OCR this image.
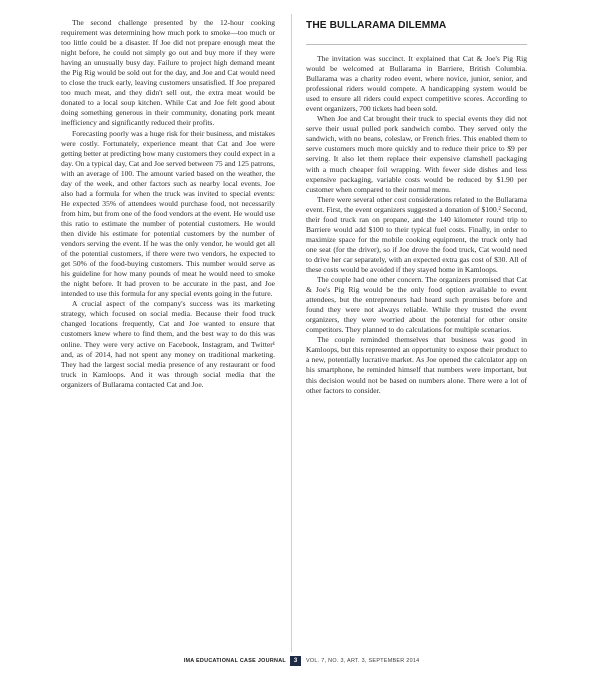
The second challenge presented by the 12-hour cooking requirement was determining how much pork to smoke—too much or too little could be a disaster. If Joe did not prepare enough meat the night before, he could not simply go out and buy more if they were having an unusually busy day. Failure to project high demand meant the Pig Rig would be sold out for the day, and Joe and Cat would need to close the truck early, leaving customers unsatisfied. If Joe prepared too much meat, and they didn't sell out, the extra meat would be donated to a local soup kitchen. While Cat and Joe felt good about doing something generous in their community, donating pork meant inefficiency and significantly reduced their profits.

Forecasting poorly was a huge risk for their business, and mistakes were costly. Fortunately, experience meant that Cat and Joe were getting better at predicting how many customers they could expect in a day. On a typical day, Cat and Joe served between 75 and 125 patrons, with an average of 100. The amount varied based on the weather, the day of the week, and other factors such as nearby local events. Joe also had a formula for when the truck was invited to special events: He expected 35% of attendees would purchase food, not necessarily from him, but from one of the food vendors at the event. He would use this ratio to estimate the number of potential customers. He would then divide his estimate for potential customers by the number of vendors serving the event. If he was the only vendor, he would get all of the potential customers, if there were two vendors, he expected to get 50% of the food-buying customers. This number would serve as his guideline for how many pounds of meat he would need to smoke the night before. It had proven to be accurate in the past, and Joe intended to use this formula for any special events going in the future.

A crucial aspect of the company's success was its marketing strategy, which focused on social media. Because their food truck changed locations frequently, Cat and Joe wanted to ensure that customers knew where to find them, and the best way to do this was online. They were very active on Facebook, Instagram, and Twitter¹ and, as of 2014, had not spent any money on traditional marketing. They had the largest social media presence of any restaurant or food truck in Kamloops. And it was through social media that the organizers of Bullarama contacted Cat and Joe.

THE BULLARAMA DILEMMA

The invitation was succinct. It explained that Cat & Joe's Pig Rig would be welcomed at Bullarama in Barriere, British Columbia. Bullarama was a charity rodeo event, where novice, junior, senior, and professional riders would compete. A handicapping system would be used to ensure all riders could expect competitive scores. According to event organizers, 700 tickets had been sold.

When Joe and Cat brought their truck to special events they did not serve their usual pulled pork sandwich combo. They served only the sandwich, with no beans, coleslaw, or French fries. This enabled them to serve customers much more quickly and to reduce their price to $9 per serving. It also let them replace their expensive clamshell packaging with a much cheaper foil wrapping. With fewer side dishes and less expensive packaging, variable costs would be reduced by $1.90 per customer when compared to their normal menu.

There were several other cost considerations related to the Bullarama event. First, the event organizers suggested a donation of $100.² Second, their food truck ran on propane, and the 140 kilometer round trip to Barriere would add $100 to their typical fuel costs. Finally, in order to maximize space for the mobile cooking equipment, the truck only had one seat (for the driver), so if Joe drove the food truck, Cat would need to drive her car separately, with an expected extra gas cost of $30. All of these costs would be avoided if they stayed home in Kamloops.

The couple had one other concern. The organizers promised that Cat & Joe's Pig Rig would be the only food option available to event attendees, but the entrepreneurs had heard such promises before and found they were not always reliable. While they trusted the event organizers, they were worried about the potential for other onsite competitors. They planned to do calculations for multiple scenarios.

The couple reminded themselves that business was good in Kamloops, but this represented an opportunity to expose their product to a new, potentially lucrative market. As Joe opened the calculator app on his smartphone, he reminded himself that numbers were important, but this decision would not be based on numbers alone. There were a lot of other factors to consider.

IMA EDUCATIONAL CASE JOURNAL	3	VOL. 7, NO. 3, ART. 3, SEPTEMBER 2014
